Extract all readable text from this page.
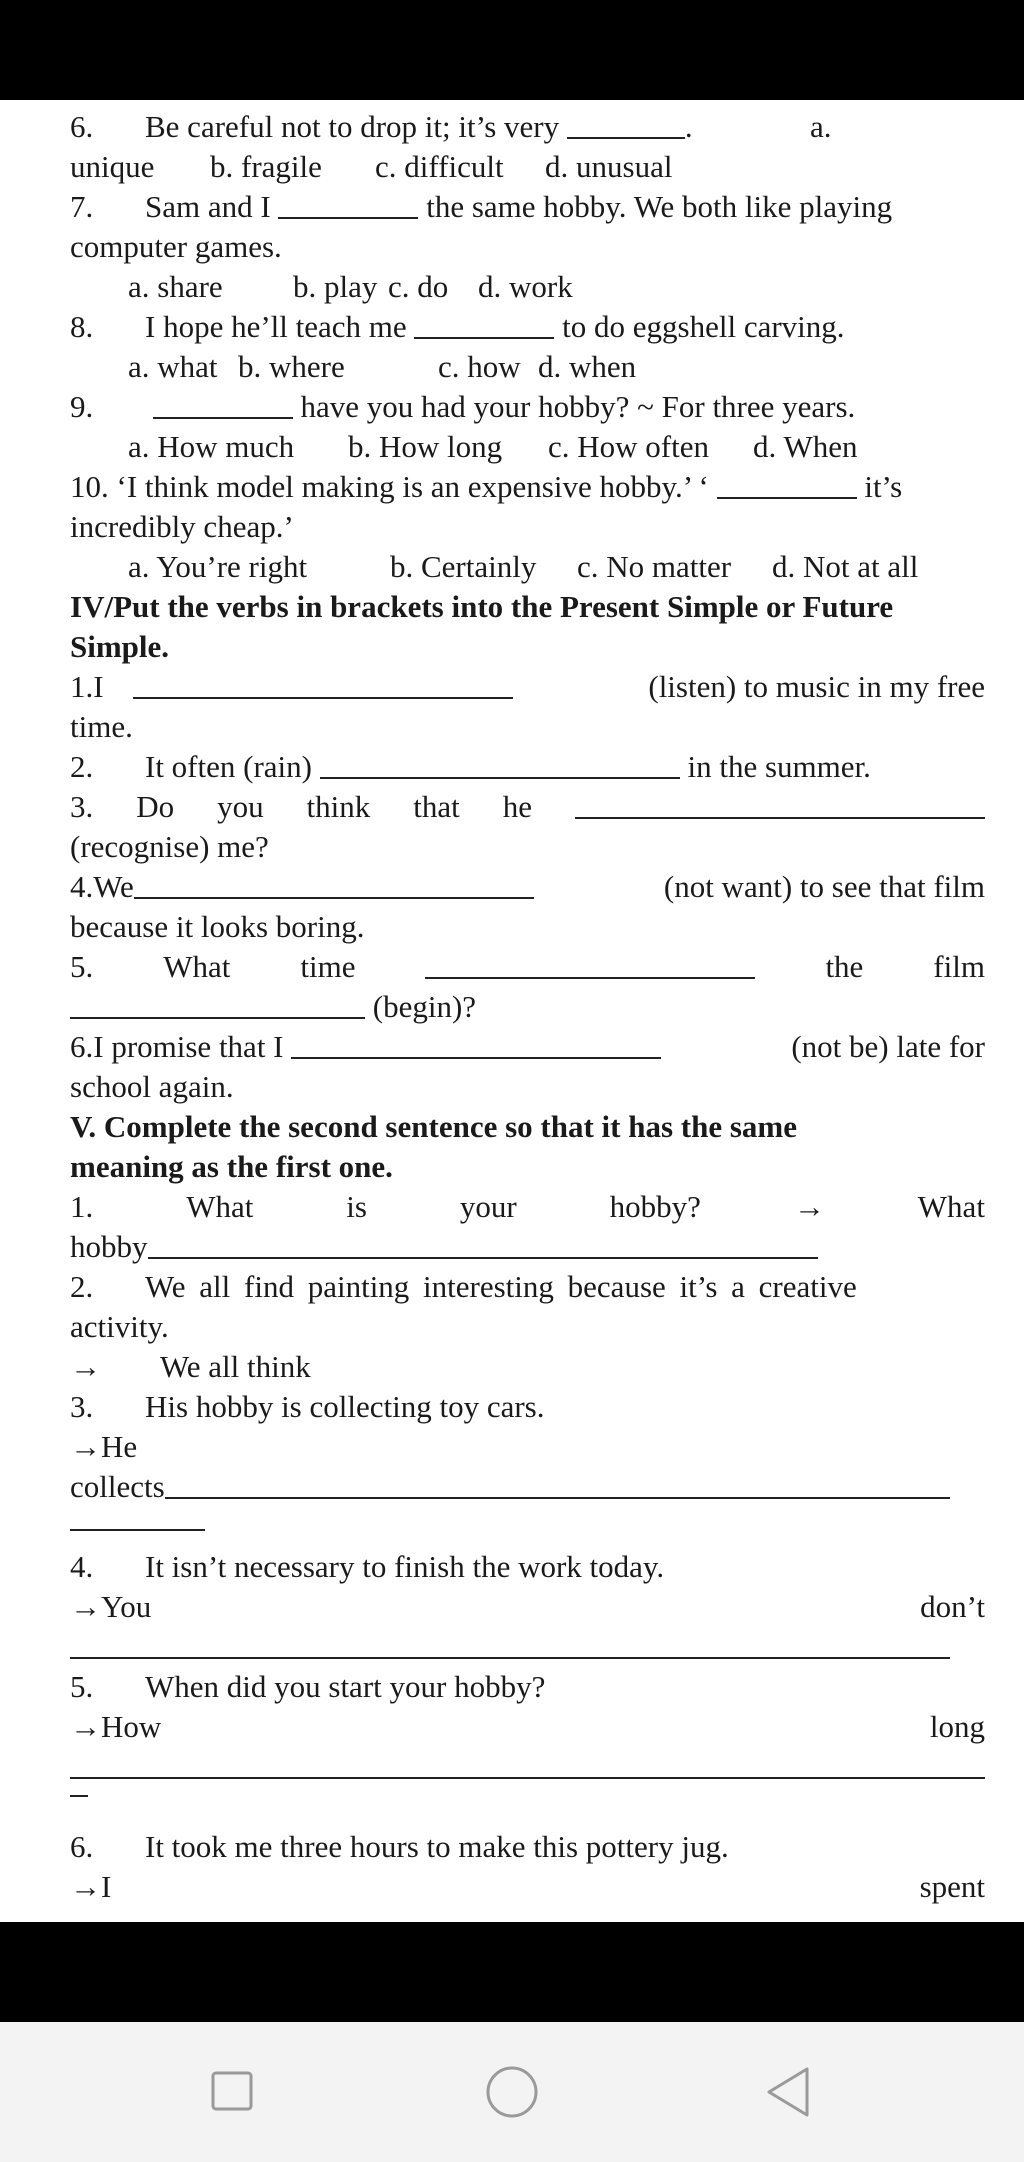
6. Be careful not to drop it; it’s very	.	a.
unique b. fragile c. difficult d. unusual
7. Sam and I	the same hobby. We both like playing
computer games.
a. share b. play c. do d. work
8. I hope he’ll teach me	to do eggshell carving.
a. what b. where	c. how d. when
9.	have you had your hobby? ~ For three years.
a. How much b. How long c. How often d. When
10. ‘I think model making is an expensive hobby.’ ‘	it’s
incredibly cheap.’
a. You’re right	b. Certainly c. No matter d. Not at all
IV/Put the verbs in brackets into the Present Simple or Future
Simple.
1.I	(listen) to music in my free
time.
2. It often (rain)	in the summer.
3. Do you think that he
(recognise) me?
4.We	(not want) to see that film
because it looks boring.
5. What time	the film
(begin)?
6.I promise that I	(not be) late for
school again.
V. Complete the second sentence so that it has the same
meaning as the first one.
1.	What	is	your	hobby?	→	What
hobby
2. We all find painting interesting because it’s a creative
activity.
→ We all think
3. His hobby is collecting toy cars.
→He
collects
4. It isn’t necessary to finish the work today.
→You	don’t
5. When did you start your hobby?
→How	long
6. It took me three hours to make this pottery jug.
→I	spent
